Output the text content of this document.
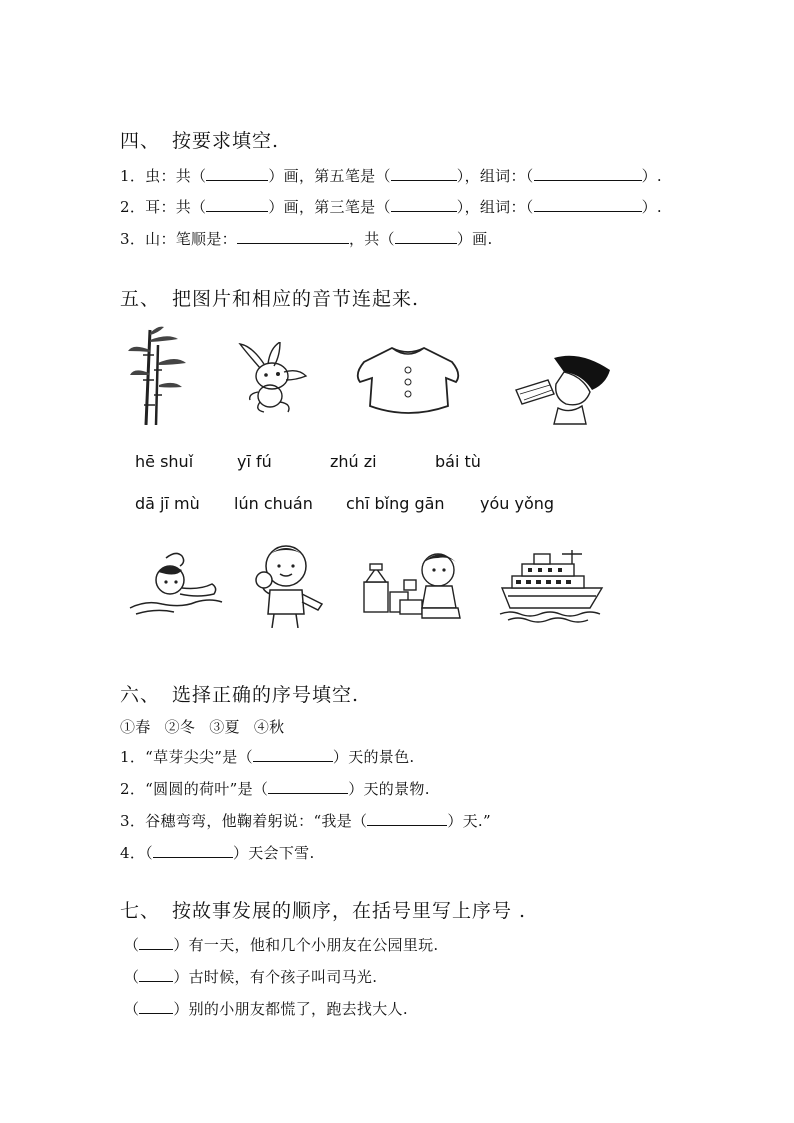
四、 按要求填空.
1．虫：共（	）画，第五笔是（	），组词：（	）.
2．耳：共（	）画，第三笔是（	），组词：（	）.
3．山：笔顺是：	，共（	）画.
五、 把图片和相应的音节连起来.
hē shuǐ	yī fú	zhú zi	bái tù
dā jī mù lún chuán chī bǐng gān yóu yǒng
六、 选择正确的序号填空.
①春 ②冬 ③夏 ④秋
1．“草芽尖尖”是（	）天的景色.
2．“圆圆的荷叶”是（	）天的景物.
3．谷穗弯弯，他鞠着躬说：“我是（	）天.”
4．（	）天会下雪.
七、 按故事发展的顺序，在括号里写上序号 .
（ ）有一天，他和几个小朋友在公园里玩.
（ ）古时候，有个孩子叫司马光.
（ ）别的小朋友都慌了，跑去找大人.
